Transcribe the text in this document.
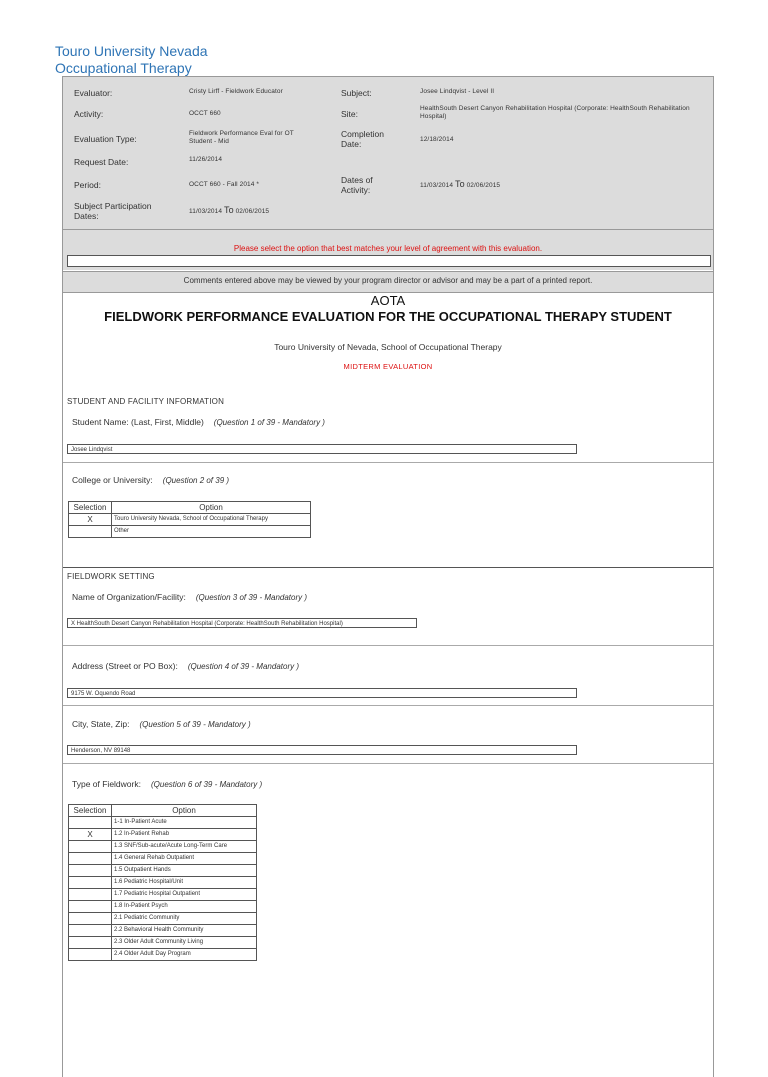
Touro University Nevada
Occupational Therapy
Evaluator:	Cristy Lirff - Fieldwork Educator	Subject:	Josee Lindqvist - Level II
Activity:	OCCT 660	Site:
HealthSouth Desert Canyon Rehabilitation Hospital (Corporate: HealthSouth Rehabilitation Hospital)
Evaluation Type:
Fieldwork Performance Eval for OT Student - Mid
Completion Date:	12/18/2014
Request Date:	11/26/2014
Period:	OCCT 660 - Fall 2014 *	Dates of Activity:	11/03/2014 To 02/06/2015
Subject Participation Dates:	11/03/2014 To 02/06/2015
Please select the option that best matches your level of agreement with this evaluation.
Comments entered above may be viewed by your program director or advisor and may be a part of a printed report.
AOTA
FIELDWORK PERFORMANCE EVALUATION FOR THE OCCUPATIONAL THERAPY STUDENT
Touro University of Nevada, School of Occupational Therapy
MIDTERM EVALUATION
STUDENT AND FACILITY INFORMATION
Student Name: (Last, First, Middle) (Question 1 of 39 - Mandatory )
Josee Lindqvist
College or University: (Question 2 of 39 )
Selection	Option
X	Touro University Nevada, School of Occupational Therapy
	Other
FIELDWORK SETTING
Name of Organization/Facility: (Question 3 of 39 - Mandatory )
X HealthSouth Desert Canyon Rehabilitation Hospital (Corporate: HealthSouth Rehabilitation Hospital)
Address (Street or PO Box): (Question 4 of 39 - Mandatory )
9175 W. Oquendo Road
City, State, Zip: (Question 5 of 39 - Mandatory )
Henderson, NV 89148
Type of Fieldwork: (Question 6 of 39 - Mandatory )
Selection	Option
	1-1 In-Patient Acute
X	1.2 In-Patient Rehab
	1.3 SNF/Sub-acute/Acute Long-Term Care
	1.4 General Rehab Outpatient
	1.5 Outpatient Hands
	1.6 Pediatric Hospital/Unit
	1.7 Pediatric Hospital Outpatient
	1.8 In-Patient Psych
	2.1 Pediatric Community
	2.2 Behavioral Health Community
	2.3 Older Adult Community Living
	2.4 Older Adult Day Program
